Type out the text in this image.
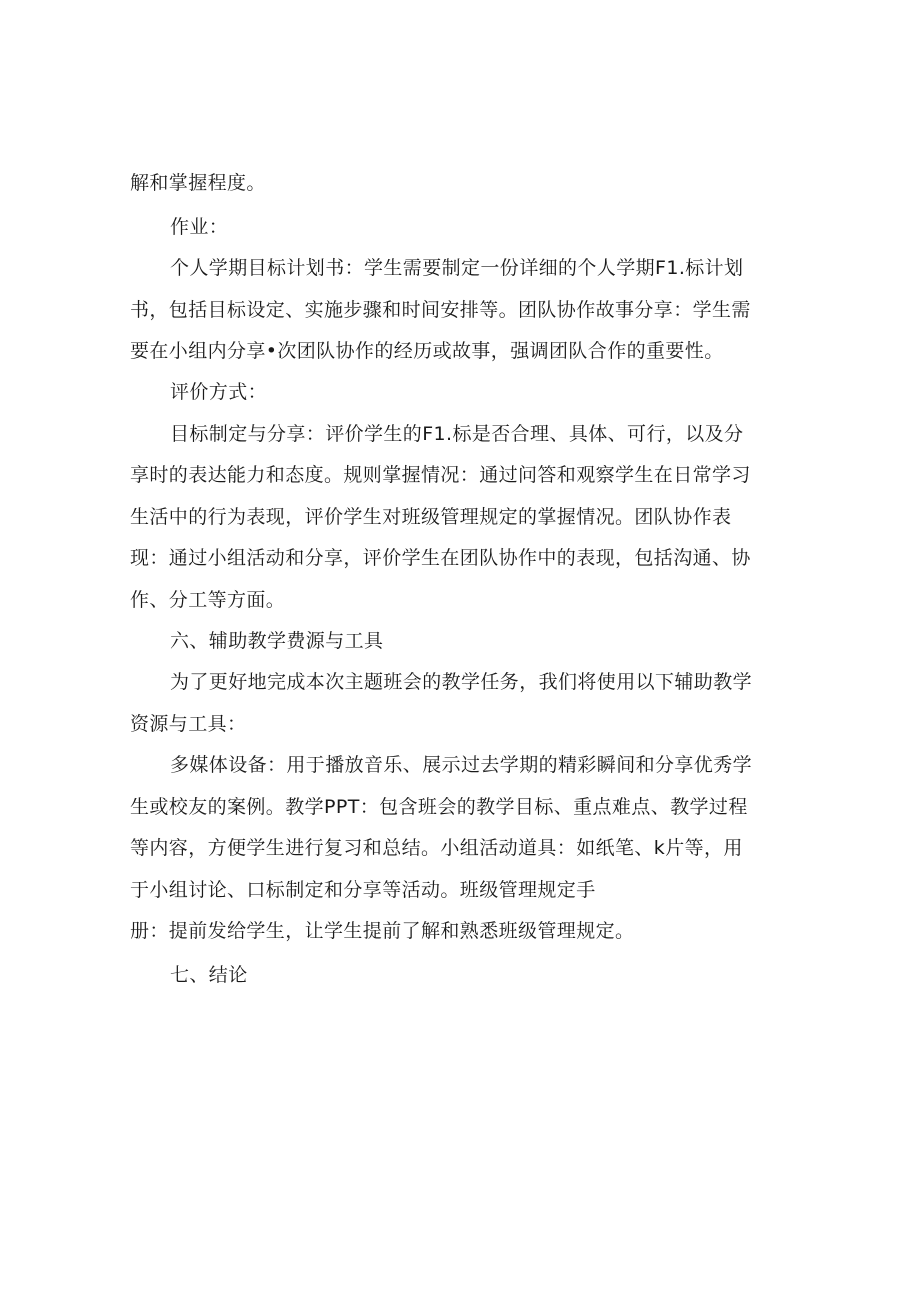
解和掌握程度。
作业：
个人学期目标计划书：学生需要制定一份详细的个人学期F1.标计划
书，包括目标设定、实施步骤和时间安排等。团队协作故事分享：学生需
要在小组内分享•次团队协作的经历或故事，强调团队合作的重要性。
评价方式：
目标制定与分享：评价学生的F1.标是否合理、具体、可行，以及分
享时的表达能力和态度。规则掌握情况：通过问答和观察学生在日常学习
生活中的行为表现，评价学生对班级管理规定的掌握情况。团队协作表
现：通过小组活动和分享，评价学生在团队协作中的表现，包括沟通、协
作、分工等方面。
六、辅助教学费源与工具
为了更好地完成本次主题班会的教学任务，我们将使用以下辅助教学
资源与工具：
多媒体设备：用于播放音乐、展示过去学期的精彩瞬间和分享优秀学
生或校友的案例。教学PPT：包含班会的教学目标、重点难点、教学过程
等内容，方便学生进行复习和总结。小组活动道具：如纸笔、k片等，用
于小组讨论、口标制定和分享等活动。班级管理规定手
册：提前发给学生，让学生提前了解和熟悉班级管理规定。
七、结论
